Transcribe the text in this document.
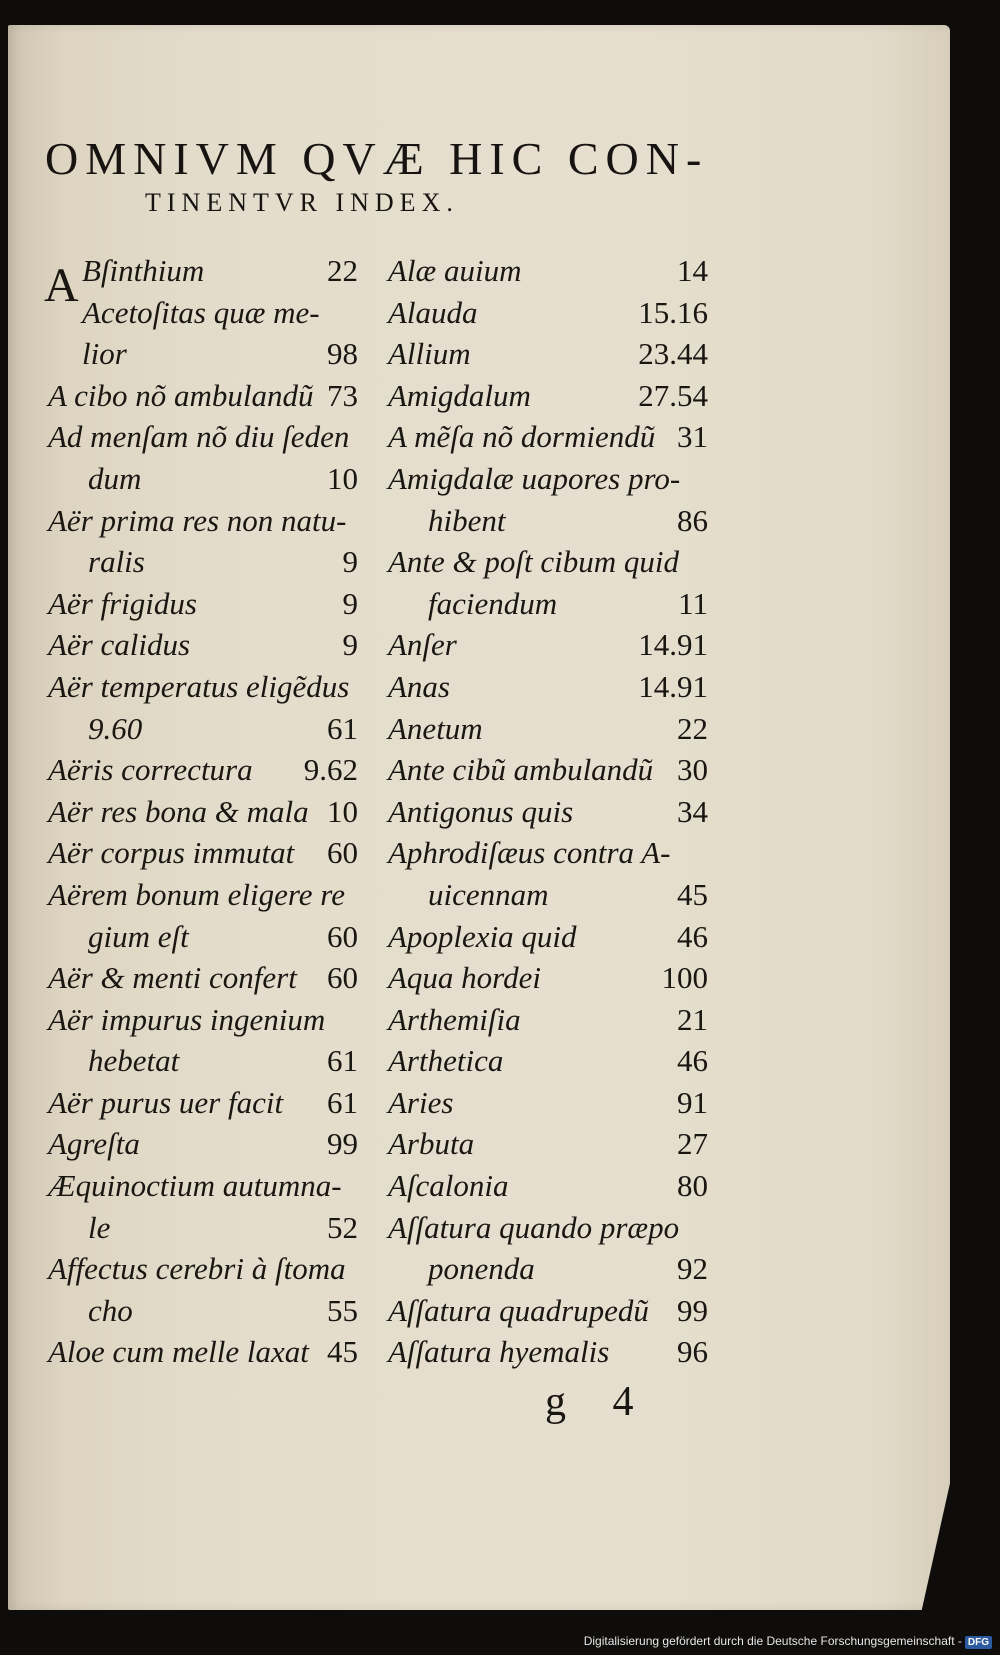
OMNIVM QVÆ HIC CON-
TINENTVR INDEX.
A Bſinthium	22
Acetoſitas quæ me-
lior	98
A cibo nõ ambulandũ 73
Ad menſam nõ diu ſeden
dum	10
Aër prima res non natu-
ralis	9
Aër frigidus	9
Aër calidus	9
Aër temperatus eligẽdus
9.60	61
Aëris correctura 9.62
Aër res bona & mala 10
Aër corpus immutat 60
Aërem bonum eligere re
gium eſt	60
Aër & menti confert 60
Aër impurus ingenium
hebetat	61
Aër purus uer facit 61
Agreſta	99
Æquinoctium autumna-
le	52
Affectus cerebri à ſtoma
cho	55
Aloe cum melle laxat 45
Alæ auium	14
Alauda	15.16
Allium	23.44
Amigdalum	27.54
A mẽſa nõ dormiendũ 31
Amigdalæ uapores pro-
hibent	86
Ante & poſt cibum quid
faciendum	11
Anſer	14.91
Anas	14.91
Anetum	22
Ante cibũ ambulandũ 30
Antigonus quis	34
Aphrodiſæus contra A-
uicennam	45
Apoplexia quid	46
Aqua hordei	100
Arthemiſia	21
Arthetica	46
Aries	91
Arbuta	27
Aſcalonia	80
Aſſatura quando præpo
ponenda	92
Aſſatura quadrupedũ 99
Aſſatura hyemalis 96
g 4
Digitalisierung gefördert durch die Deutsche Forschungsgemeinschaft - DFG
